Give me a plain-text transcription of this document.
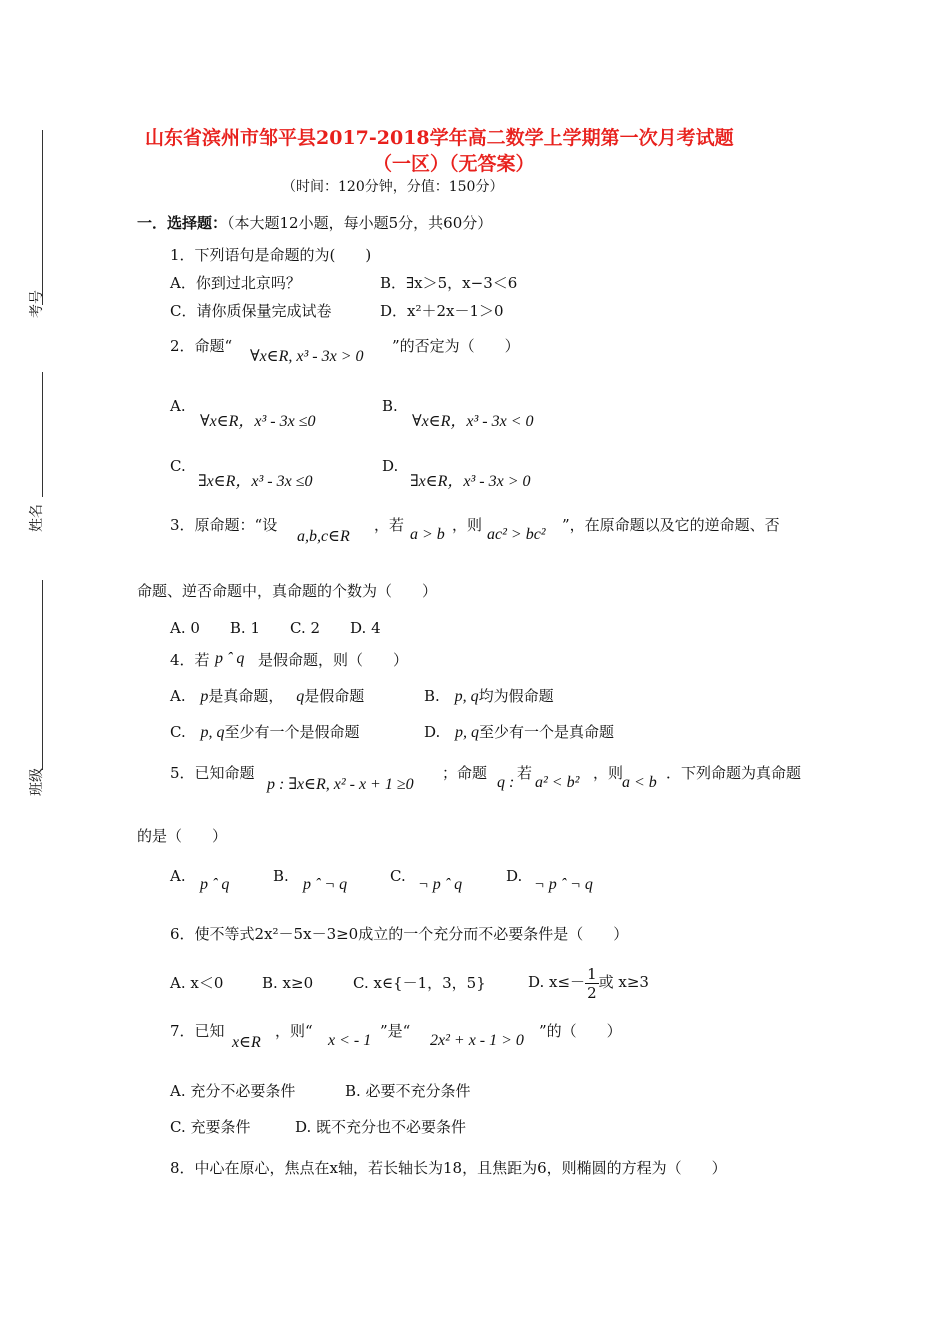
考号
姓名
班级
山东省滨州市邹平县2017-2018学年高二数学上学期第一次月考试题
（一区）（无答案）
（时间：120分钟，分值：150分）
一．选择题：（本大题12小题，每小题5分，共60分）
1．下列语句是命题的为(　　)
A．你到过北京吗？	B．∃x＞5，x−3＜6
C．请你质保量完成试卷	D．x²＋2x－1＞0
2．命题“
∀x∈R, x³ - 3x > 0
”的否定为（　　）
A.
∀x∈R，x³ - 3x ≤0
B.
∀x∈R，x³ - 3x < 0
C.
∃x∈R，x³ - 3x ≤0
D.
∃x∈R，x³ - 3x > 0
3．原命题：“设
a,b,c∈R
，若
a > b
，则
ac² > bc²
”，在原命题以及它的逆命题、否
命题、逆否命题中，真命题的个数为（　　）
A. 0　　B. 1　　C. 2　　D. 4
4．若 p ˆ q 是假命题，则（　　）
A. p是真命题， q是假命题	B. p, q均为假命题
C. p, q至少有一个是假命题	D. p, q至少有一个是真命题
5．已知命题
p : ∃x∈R, x² - x + 1 ≥0
；命题
q :
若
a² < b²
，则
a < b
．下列命题为真命题
的是（　　）
A. p ˆ q	B. p ˆ ¬ q	C. ¬ p ˆ q	D. ¬ p ˆ ¬ q
6．使不等式2x²－5x－3≥0成立的一个充分而不必要条件是（　　）
A. x＜0	B. x≥0	C. x∈{－1，3，5}	D. $x\le- \frac{1}{2}$ 或 x≥3
7．已知
x∈R
，则“
x < - 1
”是“
2x² + x - 1 > 0
”的（　　）
A. 充分不必要条件	B. 必要不充分条件
C. 充要条件	D. 既不充分也不必要条件
8．中心在原心，焦点在x轴，若长轴长为18，且焦距为6，则椭圆的方程为（　　）
